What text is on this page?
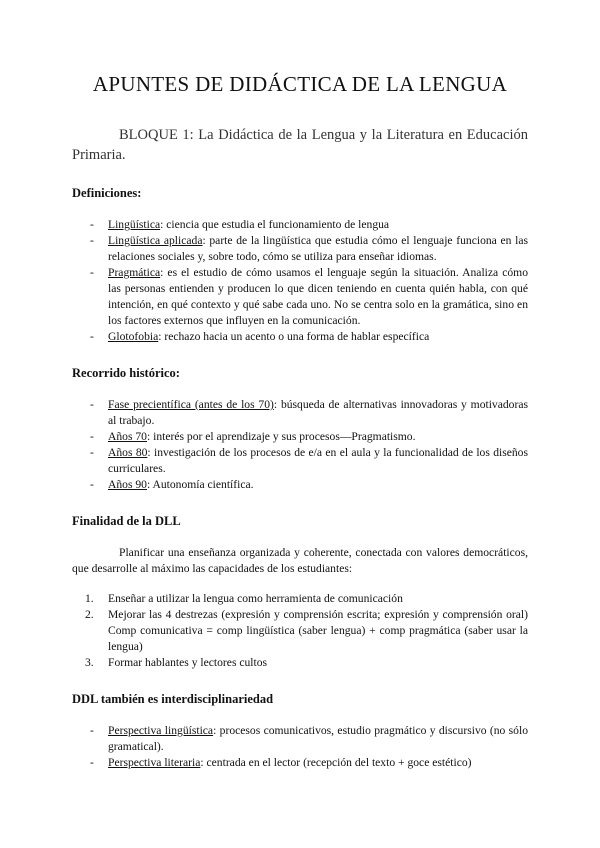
APUNTES DE DIDÁCTICA DE LA LENGUA

BLOQUE 1: La Didáctica de la Lengua y la Literatura en Educación Primaria.

Definiciones:
- Lingüística: ciencia que estudia el funcionamiento de lengua
- Lingüística aplicada: parte de la lingüística que estudia cómo el lenguaje funciona en las relaciones sociales y, sobre todo, cómo se utiliza para enseñar idiomas.
- Pragmática: es el estudio de cómo usamos el lenguaje según la situación. Analiza cómo las personas entienden y producen lo que dicen teniendo en cuenta quién habla, con qué intención, en qué contexto y qué sabe cada uno. No se centra solo en la gramática, sino en los factores externos que influyen en la comunicación.
- Glotofobia: rechazo hacia un acento o una forma de hablar específica
Recorrido histórico:
- Fase precientífica (antes de los 70): búsqueda de alternativas innovadoras y motivadoras al trabajo.
- Años 70: interés por el aprendizaje y sus procesos—Pragmatismo.
- Años 80: investigación de los procesos de e/a en el aula y la funcionalidad de los diseños curriculares.
- Años 90: Autonomía científica.
Finalidad de la DLL

Planificar una enseñanza organizada y coherente, conectada con valores democráticos, que desarrolle al máximo las capacidades de los estudiantes:

1. Enseñar a utilizar la lengua como herramienta de comunicación
2. Mejorar las 4 destrezas (expresión y comprensión escrita; expresión y comprensión oral) Comp comunicativa = comp lingüística (saber lengua) + comp pragmática (saber usar la lengua)
3. Formar hablantes y lectores cultos
DDL también es interdisciplinariedad
- Perspectiva lingüística: procesos comunicativos, estudio pragmático y discursivo (no sólo gramatical).
- Perspectiva literaria: centrada en el lector (recepción del texto + goce estético)
